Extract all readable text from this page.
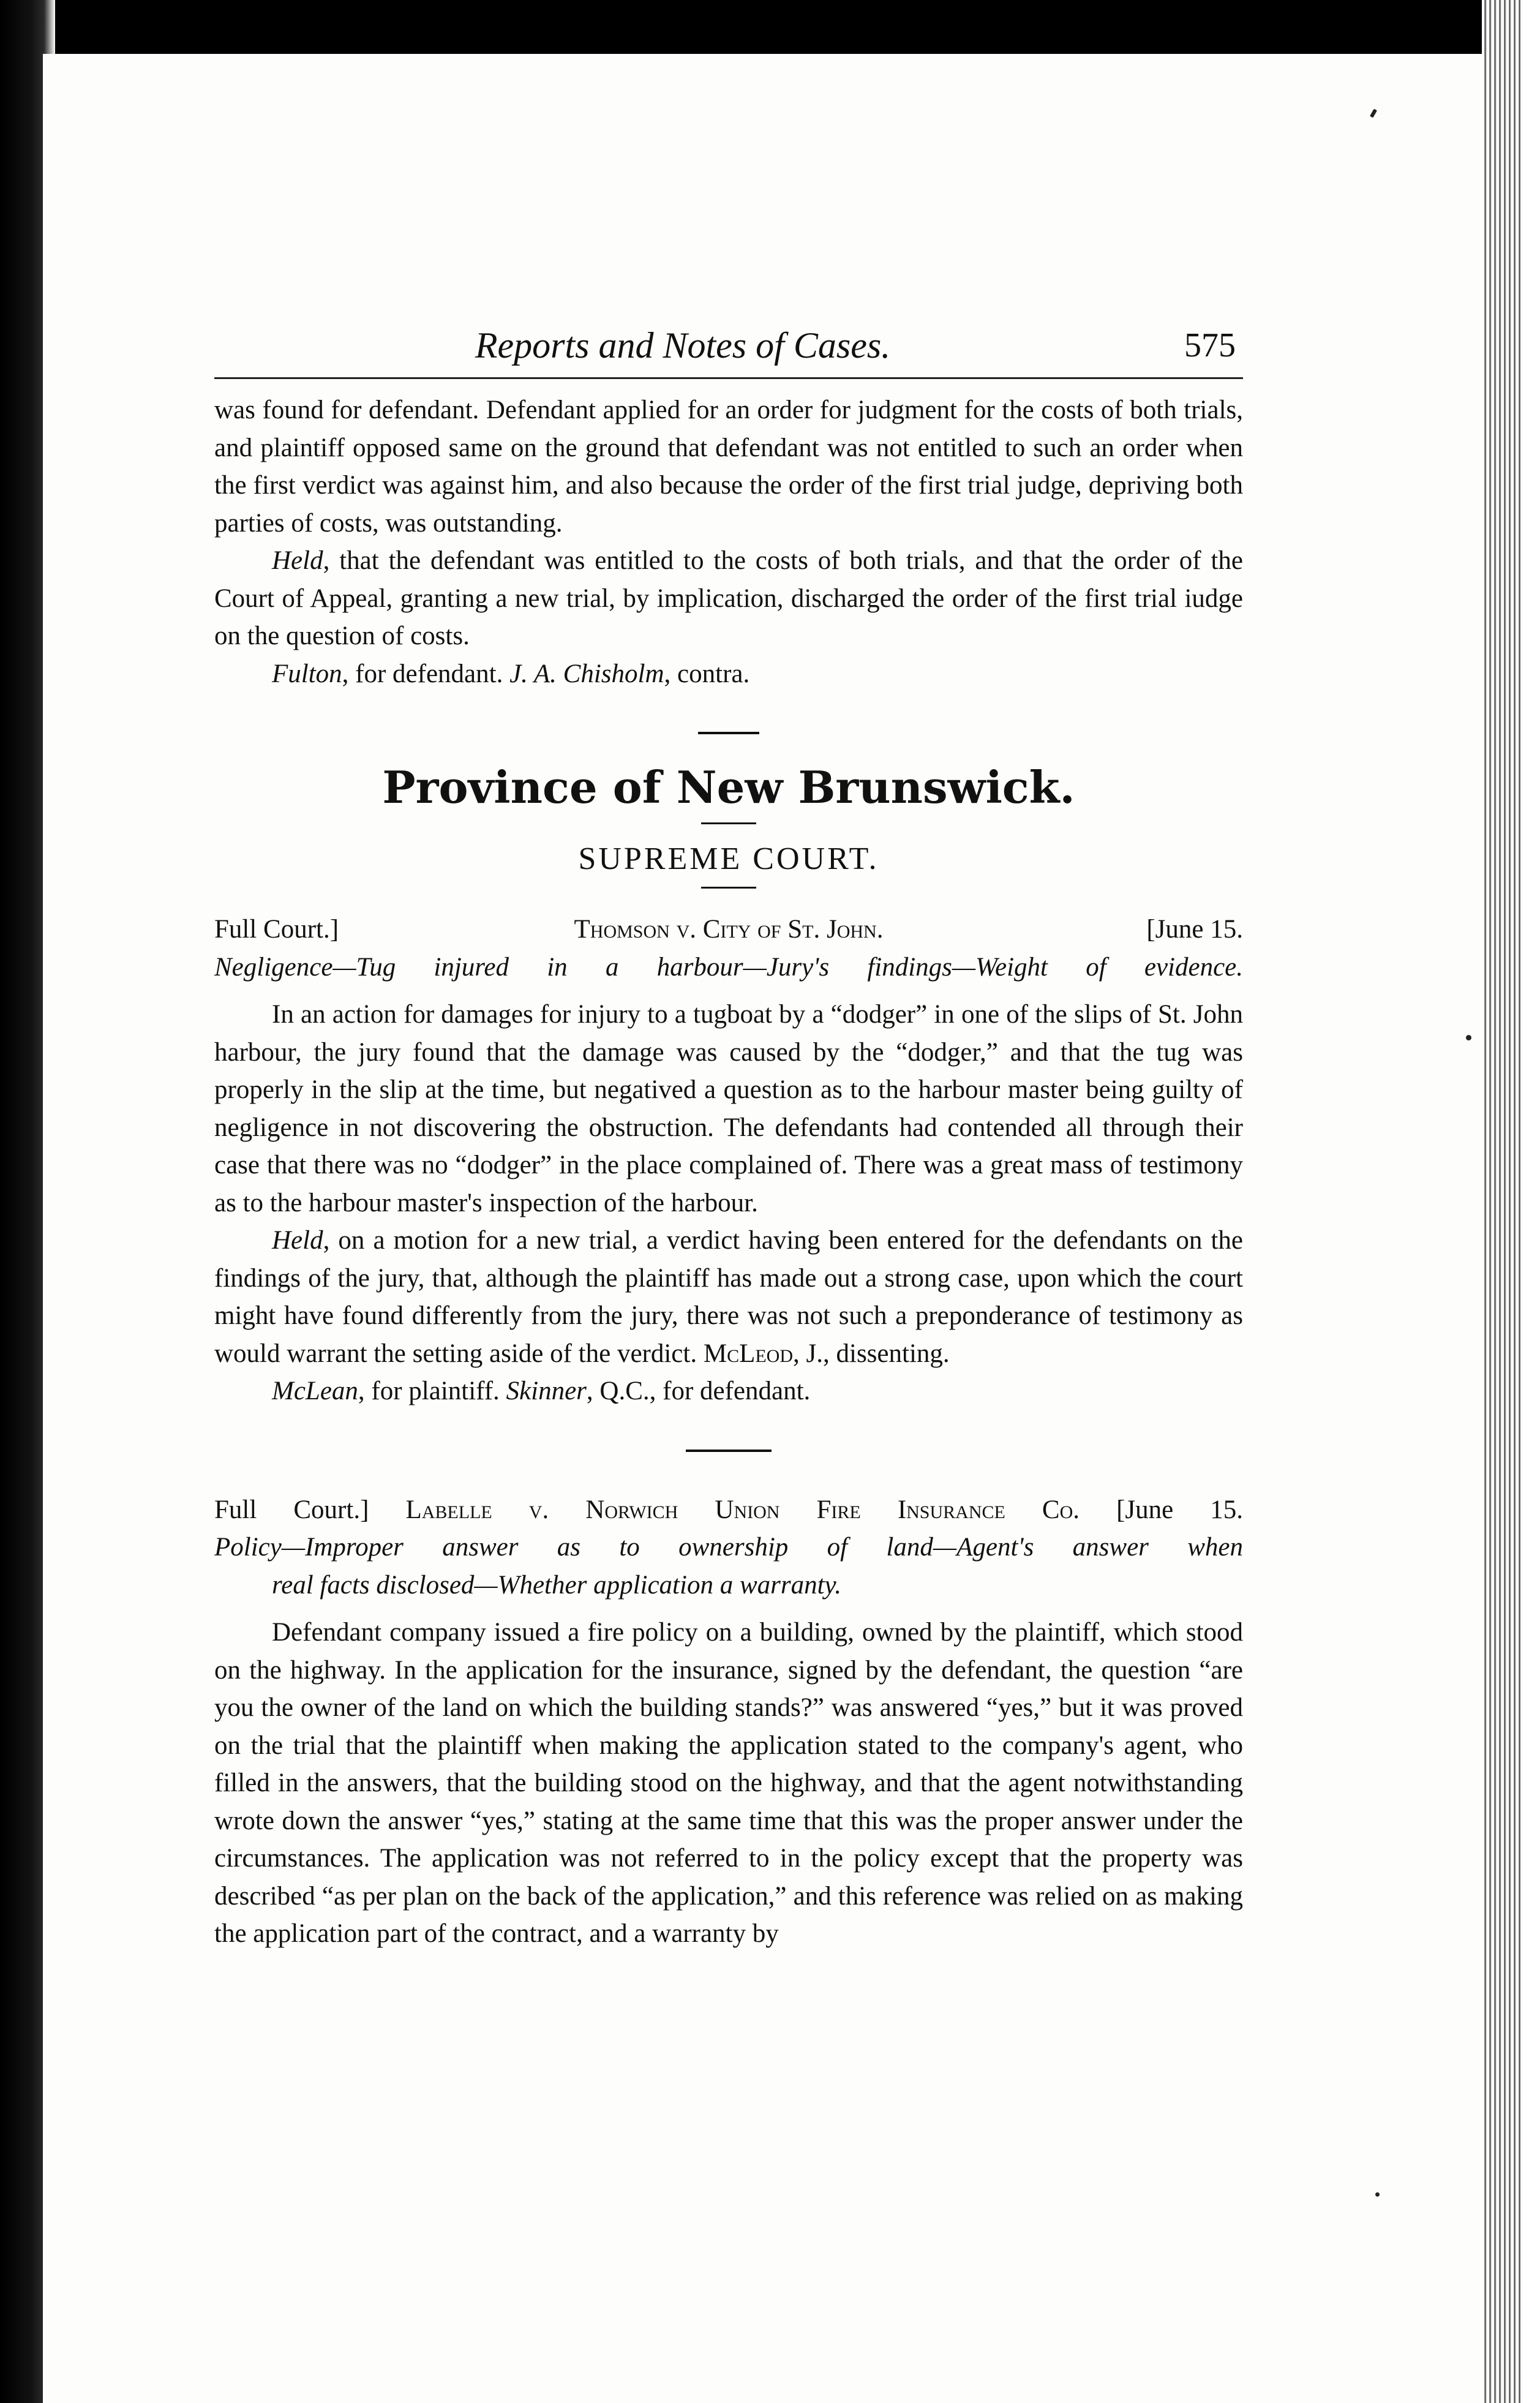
Reports and Notes of Cases.	575

was found for defendant. Defendant applied for an order for judgment for the costs of both trials, and plaintiff opposed same on the ground that defendant was not entitled to such an order when the first verdict was against him, and also because the order of the first trial judge, depriving both parties of costs, was outstanding.

Held, that the defendant was entitled to the costs of both trials, and that the order of the Court of Appeal, granting a new trial, by implication, discharged the order of the first trial iudge on the question of costs.

Fulton, for defendant. J. A. Chisholm, contra.

Province of New Brunswick.
SUPREME COURT.
Full Court.]	Thomson v. City of St. John.	[June 15.

Negligence—Tug injured in a harbour—Jury's findings—Weight of evidence.

In an action for damages for injury to a tugboat by a “dodger” in one of the slips of St. John harbour, the jury found that the damage was caused by the “dodger,” and that the tug was properly in the slip at the time, but negatived a question as to the harbour master being guilty of negligence in not discovering the obstruction. The defendants had contended all through their case that there was no “dodger” in the place complained of. There was a great mass of testimony as to the harbour master's inspection of the harbour.

Held, on a motion for a new trial, a verdict having been entered for the defendants on the findings of the jury, that, although the plaintiff has made out a strong case, upon which the court might have found differently from the jury, there was not such a preponderance of testimony as would warrant the setting aside of the verdict. McLeod, J., dissenting.

McLean, for plaintiff. Skinner, Q.C., for defendant.

Full Court.] Labelle v. Norwich Union Fire Insurance Co. [June 15.

Policy—Improper answer as to ownership of land—Agent's answer when
real facts disclosed—Whether application a warranty.

Defendant company issued a fire policy on a building, owned by the plaintiff, which stood on the highway. In the application for the insurance, signed by the defendant, the question “are you the owner of the land on which the building stands?” was answered “yes,” but it was proved on the trial that the plaintiff when making the application stated to the company's agent, who filled in the answers, that the building stood on the highway, and that the agent notwithstanding wrote down the answer “yes,” stating at the same time that this was the proper answer under the circumstances. The application was not referred to in the policy except that the property was described “as per plan on the back of the application,” and this reference was relied on as making the application part of the contract, and a warranty by
